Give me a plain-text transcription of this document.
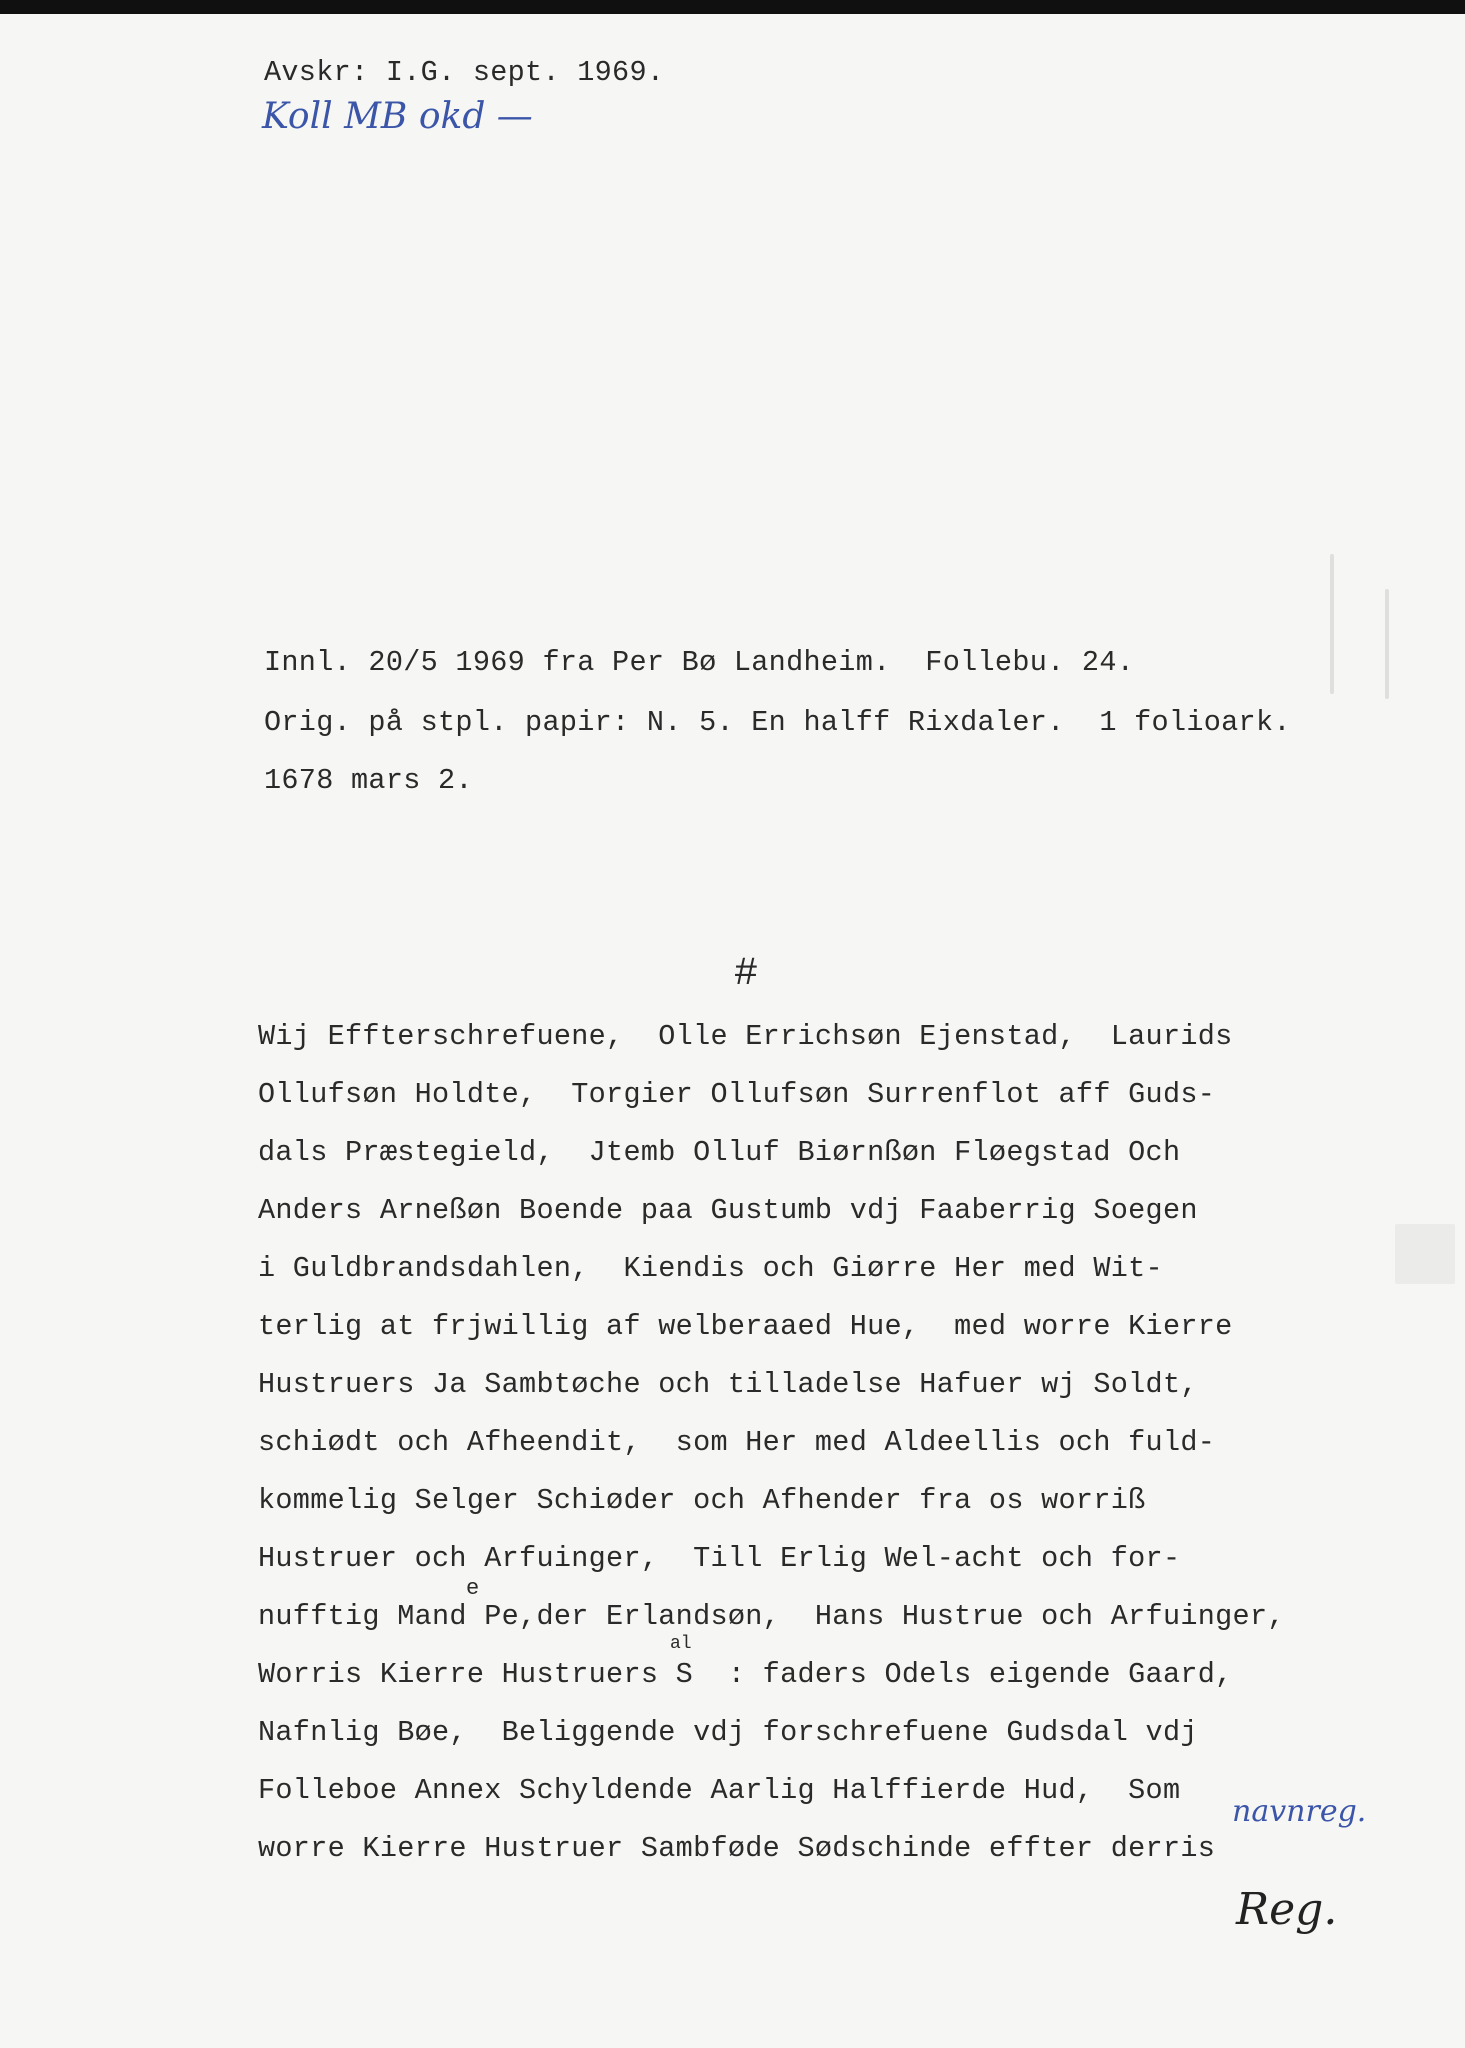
Avskr: I.G. sept. 1969.

Koll MB okd —

Innl. 20/5 1969 fra Per Bø Landheim.  Follebu. 24.

Orig. på stpl. papir: N. 5. En halff Rixdaler.  1 folioark.

1678 mars 2.

#

Wij Effterschrefuene,  Olle Errichsøn Ejenstad,  Laurids

Ollufsøn Holdte,  Torgier Ollufsøn Surrenflot aff Guds-

dals Præstegield,  Jtemb Olluf Biørnßøn Fløegstad Och

Anders Arneßøn Boende paa Gustumb vdj Faaberrig Soegen

i Guldbrandsdahlen,  Kiendis och Giørre Her med Wit-

terlig at frjwillig af welberaaed Hue,  med worre Kierre

Hustruers Ja Sambtøche och tilladelse Hafuer wj Soldt,

schiødt och Afheendit,  som Her med Aldeellis och fuld-

kommelig Selger Schiøder och Afhender fra os worriß

Hustruer och Arfuinger,  Till Erlig Wel-acht och for-

e

nufftig Mand Pe,der Erlandsøn,  Hans Hustrue och Arfuinger,

al

Worris Kierre Hustruers S  : faders Odels eigende Gaard,

Nafnlig Bøe,  Beliggende vdj forschrefuene Gudsdal vdj

Folleboe Annex Schyldende Aarlig Halffierde Hud,  Som

worre Kierre Hustruer Sambføde Sødschinde effter derris

navnreg.

Reg.
